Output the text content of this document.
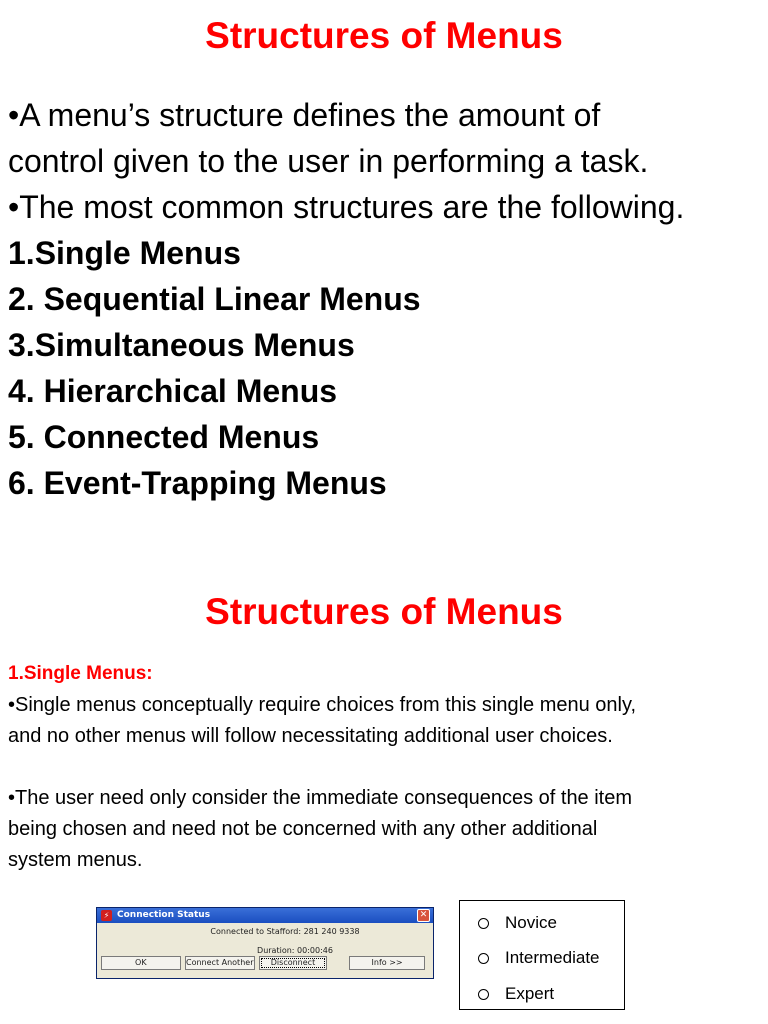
Structures of Menus
•A menu’s structure defines the amount of
control given to the user in performing a task.
•The most common structures are the following.
1.Single Menus
2. Sequential Linear Menus
3.Simultaneous Menus
4. Hierarchical Menus
5. Connected Menus
6. Event-Trapping Menus
Structures of Menus
1.Single Menus:

•Single menus conceptually require choices from this single menu only,

and no other menus will follow necessitating additional user choices.

•The user need only consider the immediate consequences of the item

being chosen and need not be concerned with any other additional

system menus.

⚡ Connection Status	✕
Connected to Stafford: 281 240 9338
Duration: 00:00:46
OK	Connect Another	Disconnect	Info >>
Novice
Intermediate
Expert
